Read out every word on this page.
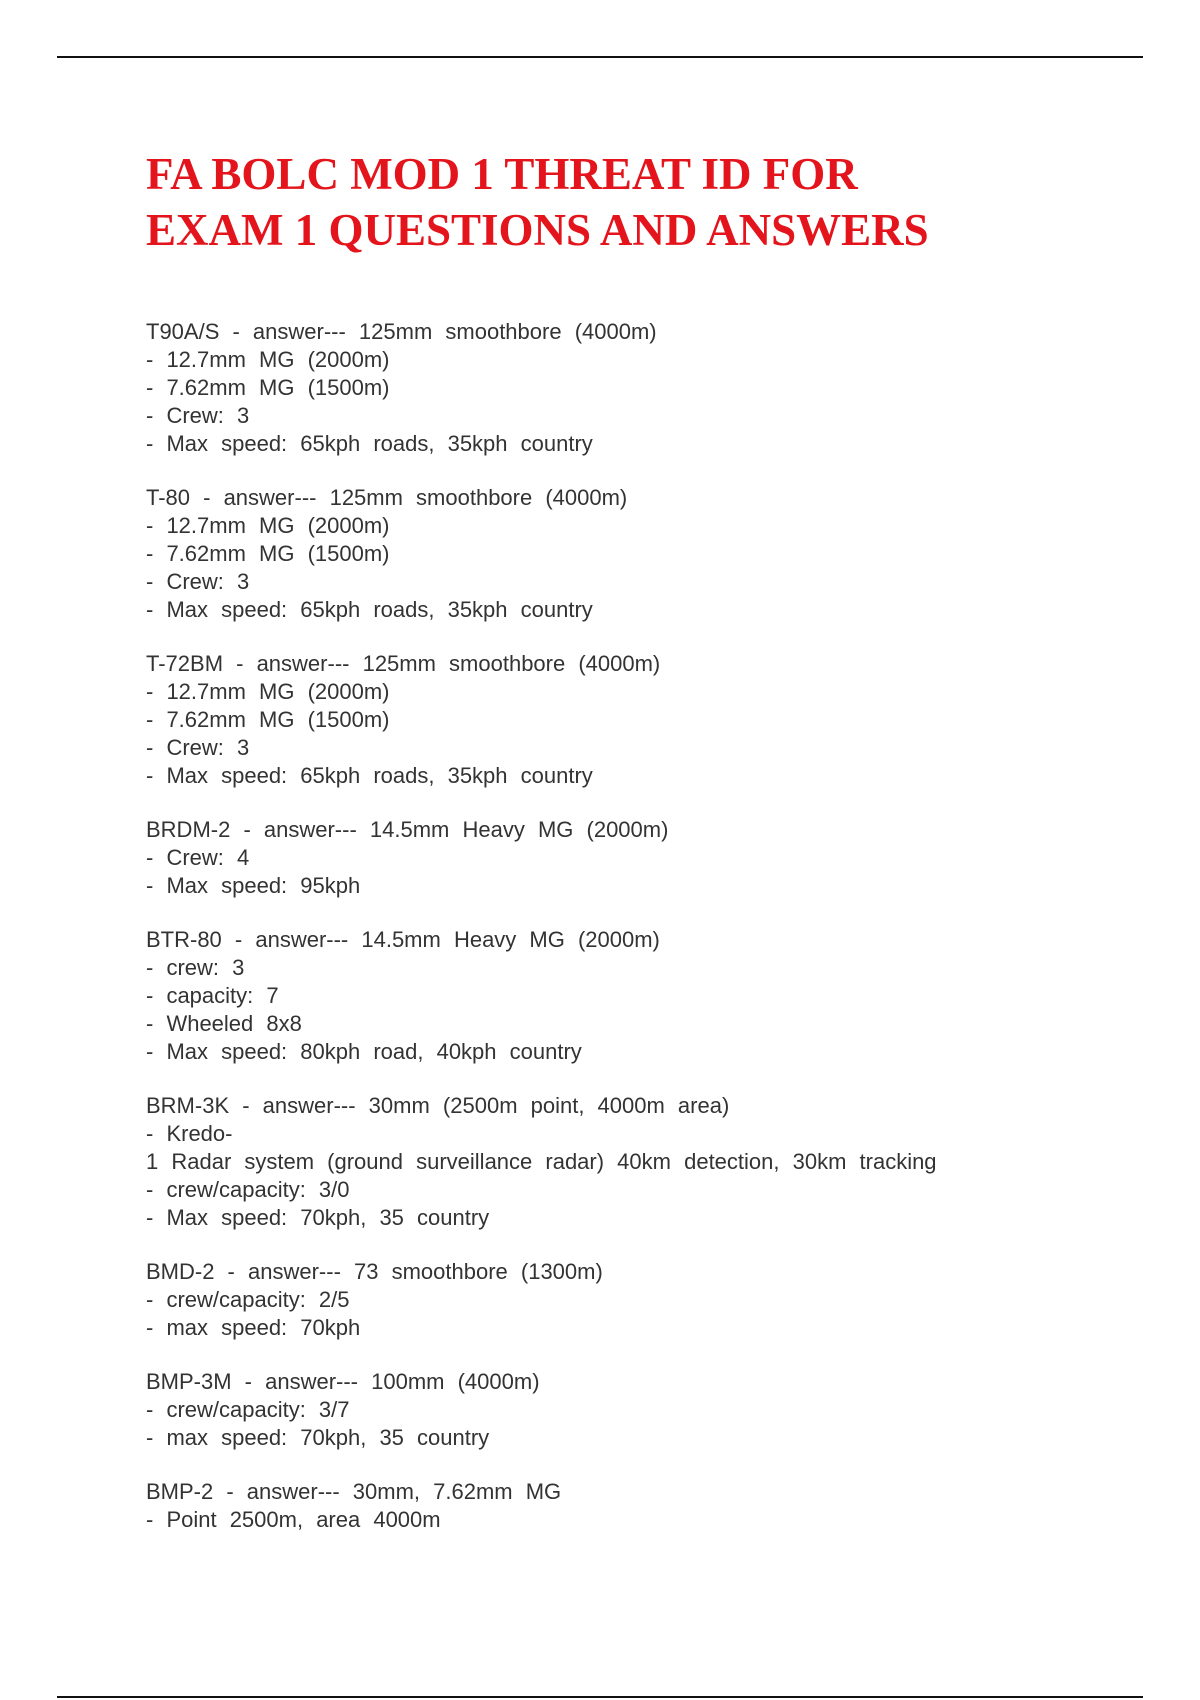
FA BOLC MOD 1 THREAT ID FOR
EXAM 1 QUESTIONS AND ANSWERS
T90A/S - answer--- 125mm smoothbore (4000m)
- 12.7mm MG (2000m)
- 7.62mm MG (1500m)
- Crew: 3
- Max speed: 65kph roads, 35kph country
T-80 - answer--- 125mm smoothbore (4000m)
- 12.7mm MG (2000m)
- 7.62mm MG (1500m)
- Crew: 3
- Max speed: 65kph roads, 35kph country
T-72BM - answer--- 125mm smoothbore (4000m)
- 12.7mm MG (2000m)
- 7.62mm MG (1500m)
- Crew: 3
- Max speed: 65kph roads, 35kph country
BRDM-2 - answer--- 14.5mm Heavy MG (2000m)
- Crew: 4
- Max speed: 95kph
BTR-80 - answer--- 14.5mm Heavy MG (2000m)
- crew: 3
- capacity: 7
- Wheeled 8x8
- Max speed: 80kph road, 40kph country
BRM-3K - answer--- 30mm (2500m point, 4000m area)
- Kredo-
1 Radar system (ground surveillance radar) 40km detection, 30km tracking
- crew/capacity: 3/0
- Max speed: 70kph, 35 country
BMD-2 - answer--- 73 smoothbore (1300m)
- crew/capacity: 2/5
- max speed: 70kph
BMP-3M - answer--- 100mm (4000m)
- crew/capacity: 3/7
- max speed: 70kph, 35 country
BMP-2 - answer--- 30mm, 7.62mm MG
- Point 2500m, area 4000m
